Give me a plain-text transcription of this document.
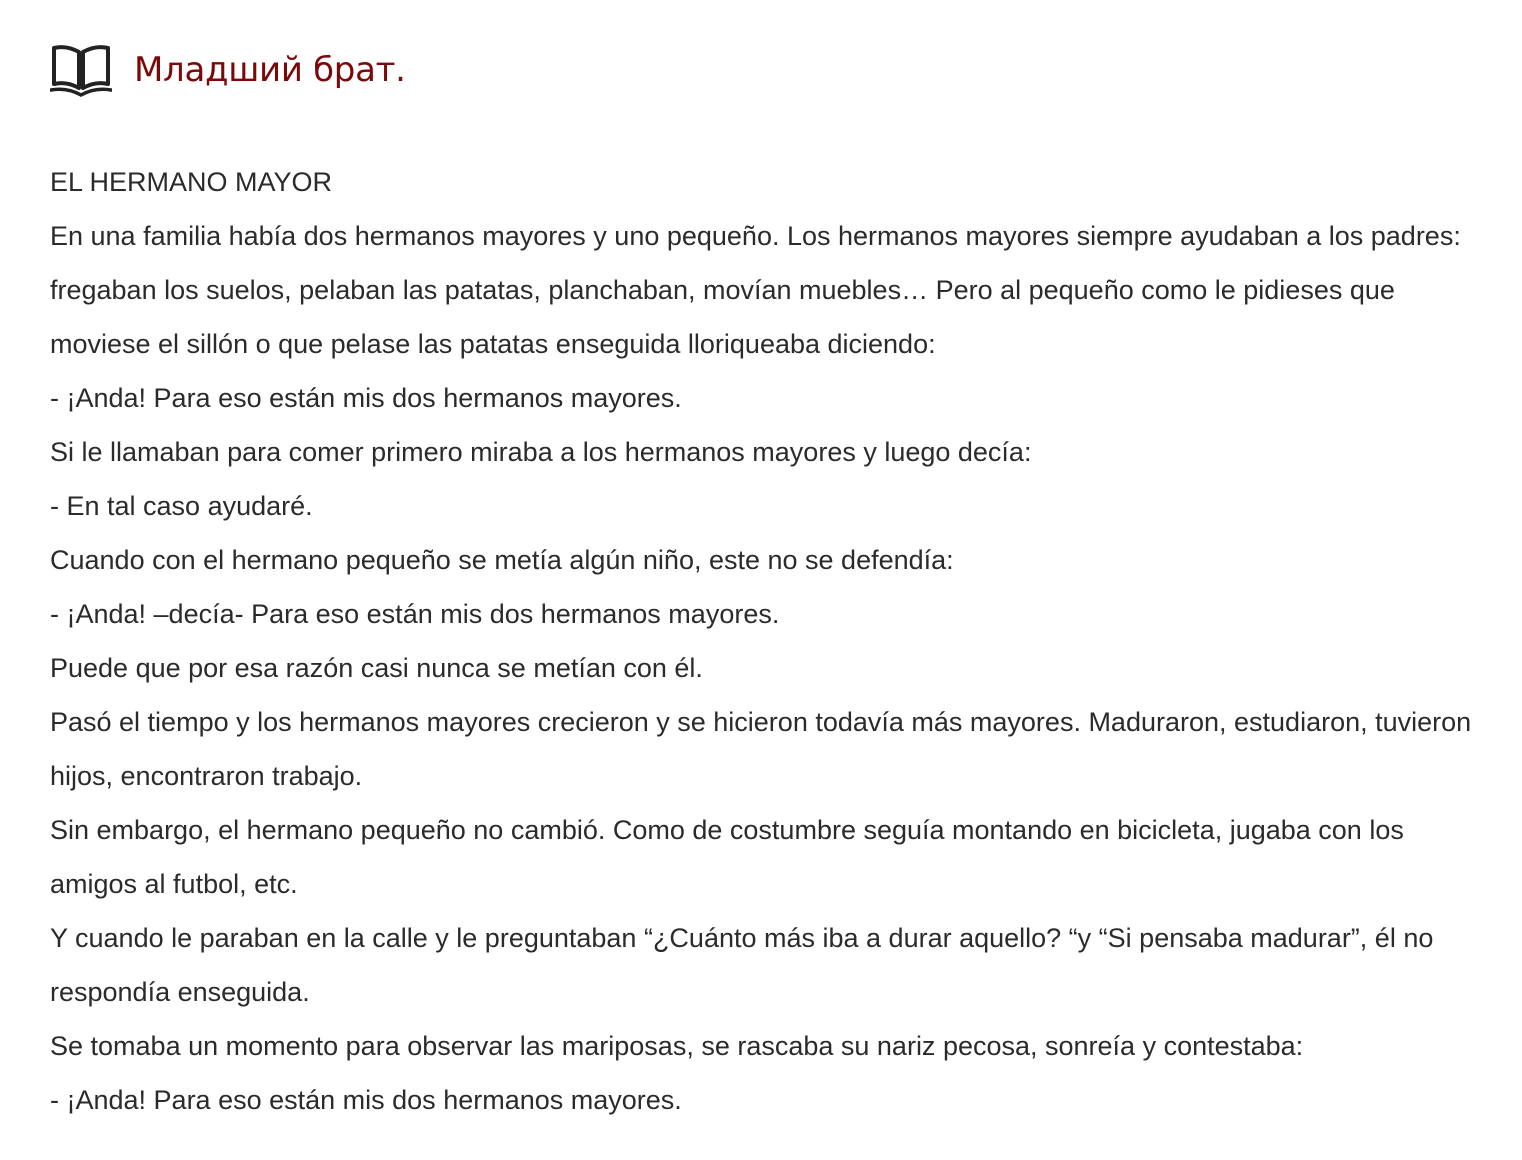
Младший брат.

EL HERMANO MAYOR

En una familia había dos hermanos mayores y uno pequeño. Los hermanos mayores siempre ayudaban a los padres: fregaban los suelos, pelaban las patatas, planchaban, movían muebles… Pero al pequeño como le pidieses que moviese el sillón o que pelase las patatas enseguida lloriqueaba diciendo:

- ¡Anda! Para eso están mis dos hermanos mayores.

Si le llamaban para comer primero miraba a los hermanos mayores y luego decía:

- En tal caso ayudaré.

Cuando con el hermano pequeño se metía algún niño, este no se defendía:

- ¡Anda! –decía- Para eso están mis dos hermanos mayores.

Puede que por esa razón casi nunca se metían con él.

Pasó el tiempo y los hermanos mayores crecieron y se hicieron todavía más mayores. Maduraron, estudiaron, tuvieron hijos, encontraron trabajo.

Sin embargo, el hermano pequeño no cambió. Como de costumbre seguía montando en bicicleta, jugaba con los amigos al futbol, etc.

Y cuando le paraban en la calle y le preguntaban “¿Cuánto más iba a durar aquello? “y “Si pensaba madurar”, él no respondía enseguida.

Se tomaba un momento para observar las mariposas, se rascaba su nariz pecosa, sonreía y contestaba:

- ¡Anda! Para eso están mis dos hermanos mayores.
